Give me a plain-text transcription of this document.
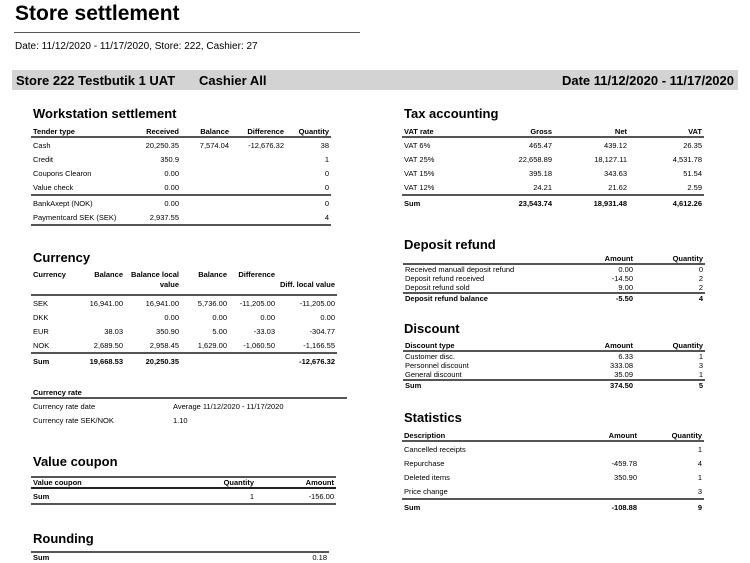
Store settlement
Date: 11/12/2020 - 11/17/2020, Store: 222, Cashier: 27
Store 222 Testbutik 1 UAT Cashier All	Date 11/12/2020 - 11/17/2020
Workstation settlement
Tender type	Received	Balance	Difference	Quantity
Cash	20,250.35	7,574.04	-12,676.32	38
Credit	350.9			1
Coupons Clearon	0.00			0
Value check	0.00			0
BankAxept (NOK)	0.00			0
Paymentcard SEK (SEK)	2,937.55			4
Currency
Currency	Balance	Balance local value	Balance	Difference	Diff. local value
SEK	16,941.00	16,941.00	5,736.00	-11,205.00	-11,205.00
DKK		0.00	0.00	0.00	0.00
EUR	38.03	350.90	5.00	-33.03	-304.77
NOK	2,689.50	2,958.45	1,629.00	-1,060.50	-1,166.55
Sum	19,668.53	20,250.35			-12,676.32
Currency rate	
Currency rate date	Average 11/12/2020 - 11/17/2020
Currency rate SEK/NOK	1.10
Value coupon
Value coupon	Quantity	Amount
Sum	1	-156.00
Rounding
Sum	0.18
Tax accounting
VAT rate	Gross	Net	VAT
VAT 6%	465.47	439.12	26.35
VAT 25%	22,658.89	18,127.11	4,531.78
VAT 15%	395.18	343.63	51.54
VAT 12%	24.21	21.62	2.59
Sum	23,543.74	18,931.48	4,612.26
Deposit refund
	Amount	Quantity
Received manuall deposit refund	0.00	0
Deposit refund received	-14.50	2
Deposit refund sold	9.00	2
Deposit refund balance	-5.50	4
Discount
Discount type	Amount	Quantity
Customer disc.	6.33	1
Personnel discount	333.08	3
General discount	35.09	1
Sum	374.50	5
Statistics
Description	Amount	Quantity
Cancelled receipts		1
Repurchase	-459.78	4
Deleted items	350.90	1
Price change		3
Sum	-108.88	9
